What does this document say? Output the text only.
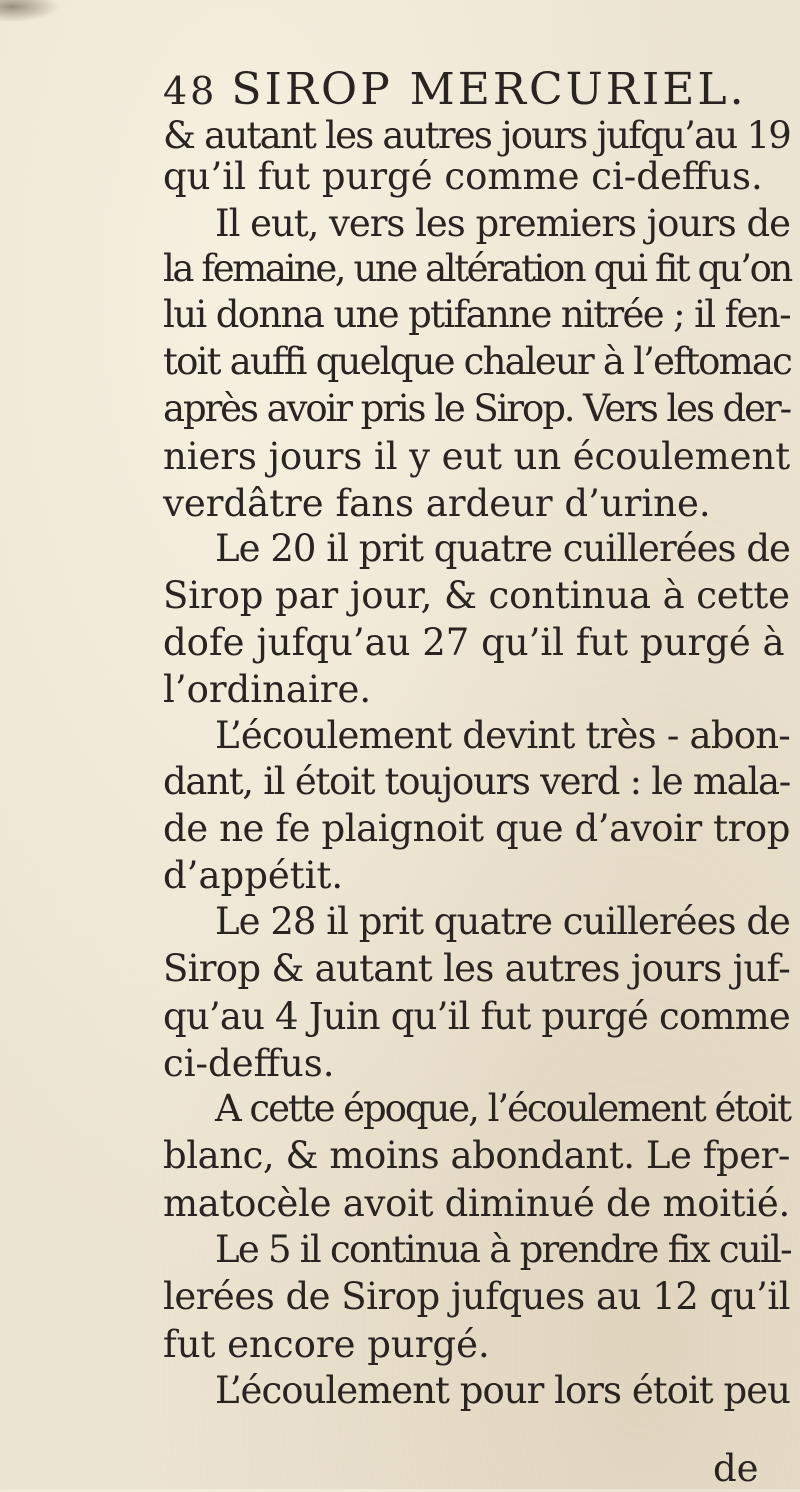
48 SIROP MERCURIEL.
& autant les autres jours jufqu’au 19
qu’il fut purgé comme ci-deffus.
Il eut, vers les premiers jours de
la femaine, une altération qui fit qu’on
lui donna une ptifanne nitrée ; il fen-
toit auffi quelque chaleur à l’eftomac
après avoir pris le Sirop. Vers les der-
niers jours il y eut un écoulement
verdâtre fans ardeur d’urine.
Le 20 il prit quatre cuillerées de
Sirop par jour, & continua à cette
dofe jufqu’au 27 qu’il fut purgé à
l’ordinaire.
L’écoulement devint très - abon-
dant, il étoit toujours verd : le mala-
de ne fe plaignoit que d’avoir trop
d’appétit.
Le 28 il prit quatre cuillerées de
Sirop & autant les autres jours juf-
qu’au 4 Juin qu’il fut purgé comme
ci-deffus.
A cette époque, l’écoulement étoit
blanc, & moins abondant. Le fper-
matocèle avoit diminué de moitié.
Le 5 il continua à prendre fix cuil-
lerées de Sirop jufques au 12 qu’il
fut encore purgé.
L’écoulement pour lors étoit peu
de
